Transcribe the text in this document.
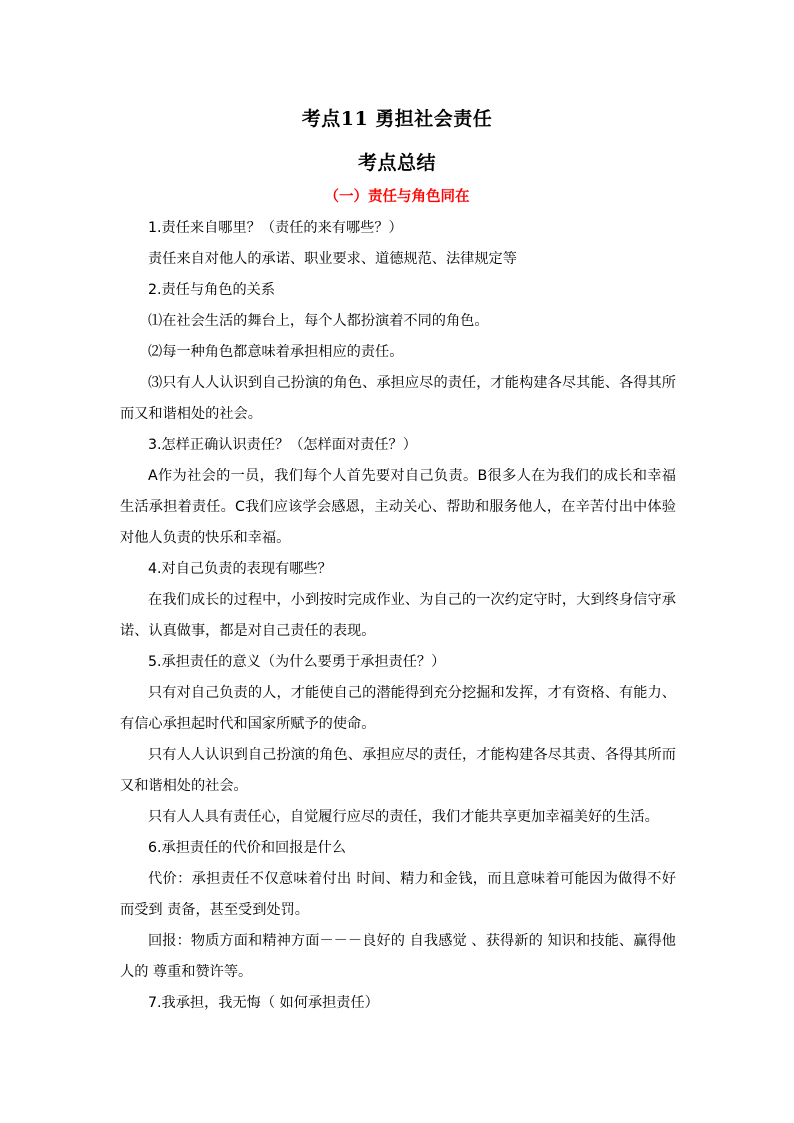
考点11 勇担社会责任
考点总结
（一）责任与角色同在

1.责任来自哪里？（责任的来有哪些？）

责任来自对他人的承诺、职业要求、道德规范、法律规定等

2.责任与角色的关系

⑴在社会生活的舞台上，每个人都扮演着不同的角色。

⑵每一种角色都意味着承担相应的责任。

⑶只有人人认识到自己扮演的角色、承担应尽的责任，才能构建各尽其能、各得其所而又和谐相处的社会。

3.怎样正确认识责任？（怎样面对责任？）

A作为社会的一员，我们每个人首先要对自己负责。B很多人在为我们的成长和幸福生活承担着责任。C我们应该学会感恩，主动关心、帮助和服务他人，在辛苦付出中体验对他人负责的快乐和幸福。

4.对自己负责的表现有哪些？

在我们成长的过程中，小到按时完成作业、为自己的一次约定守时，大到终身信守承诺、认真做事，都是对自己责任的表现。

5.承担责任的意义（为什么要勇于承担责任？）

只有对自己负责的人，才能使自己的潜能得到充分挖掘和发挥，才有资格、有能力、有信心承担起时代和国家所赋予的使命。

只有人人认识到自己扮演的角色、承担应尽的责任，才能构建各尽其责、各得其所而又和谐相处的社会。

只有人人具有责任心，自觉履行应尽的责任，我们才能共享更加幸福美好的生活。

6.承担责任的代价和回报是什么

代价：承担责任不仅意味着付出 时间、精力和金钱，而且意味着可能因为做得不好而受到 责备，甚至受到处罚。

回报：物质方面和精神方面－－－良好的 自我感觉 、获得新的 知识和技能、赢得他人的 尊重和赞许等。

7.我承担，我无悔（ 如何承担责任）
